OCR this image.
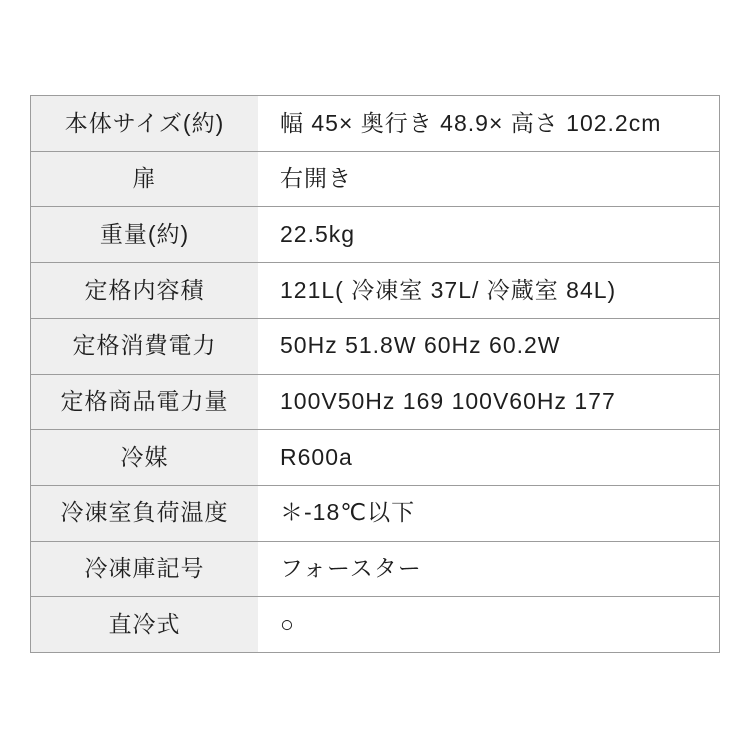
本体サイズ(約)	幅 45× 奥行き 48.9× 高さ 102.2cm
扉	右開き
重量(約)	22.5kg
定格内容積	121L( 冷凍室 37L/ 冷蔵室 84L)
定格消費電力	50Hz 51.8W 60Hz 60.2W
定格商品電力量	100V50Hz 169 100V60Hz 177
冷媒	R600a
冷凍室負荷温度	＊-18℃以下
冷凍庫記号	フォースター
直冷式	○
